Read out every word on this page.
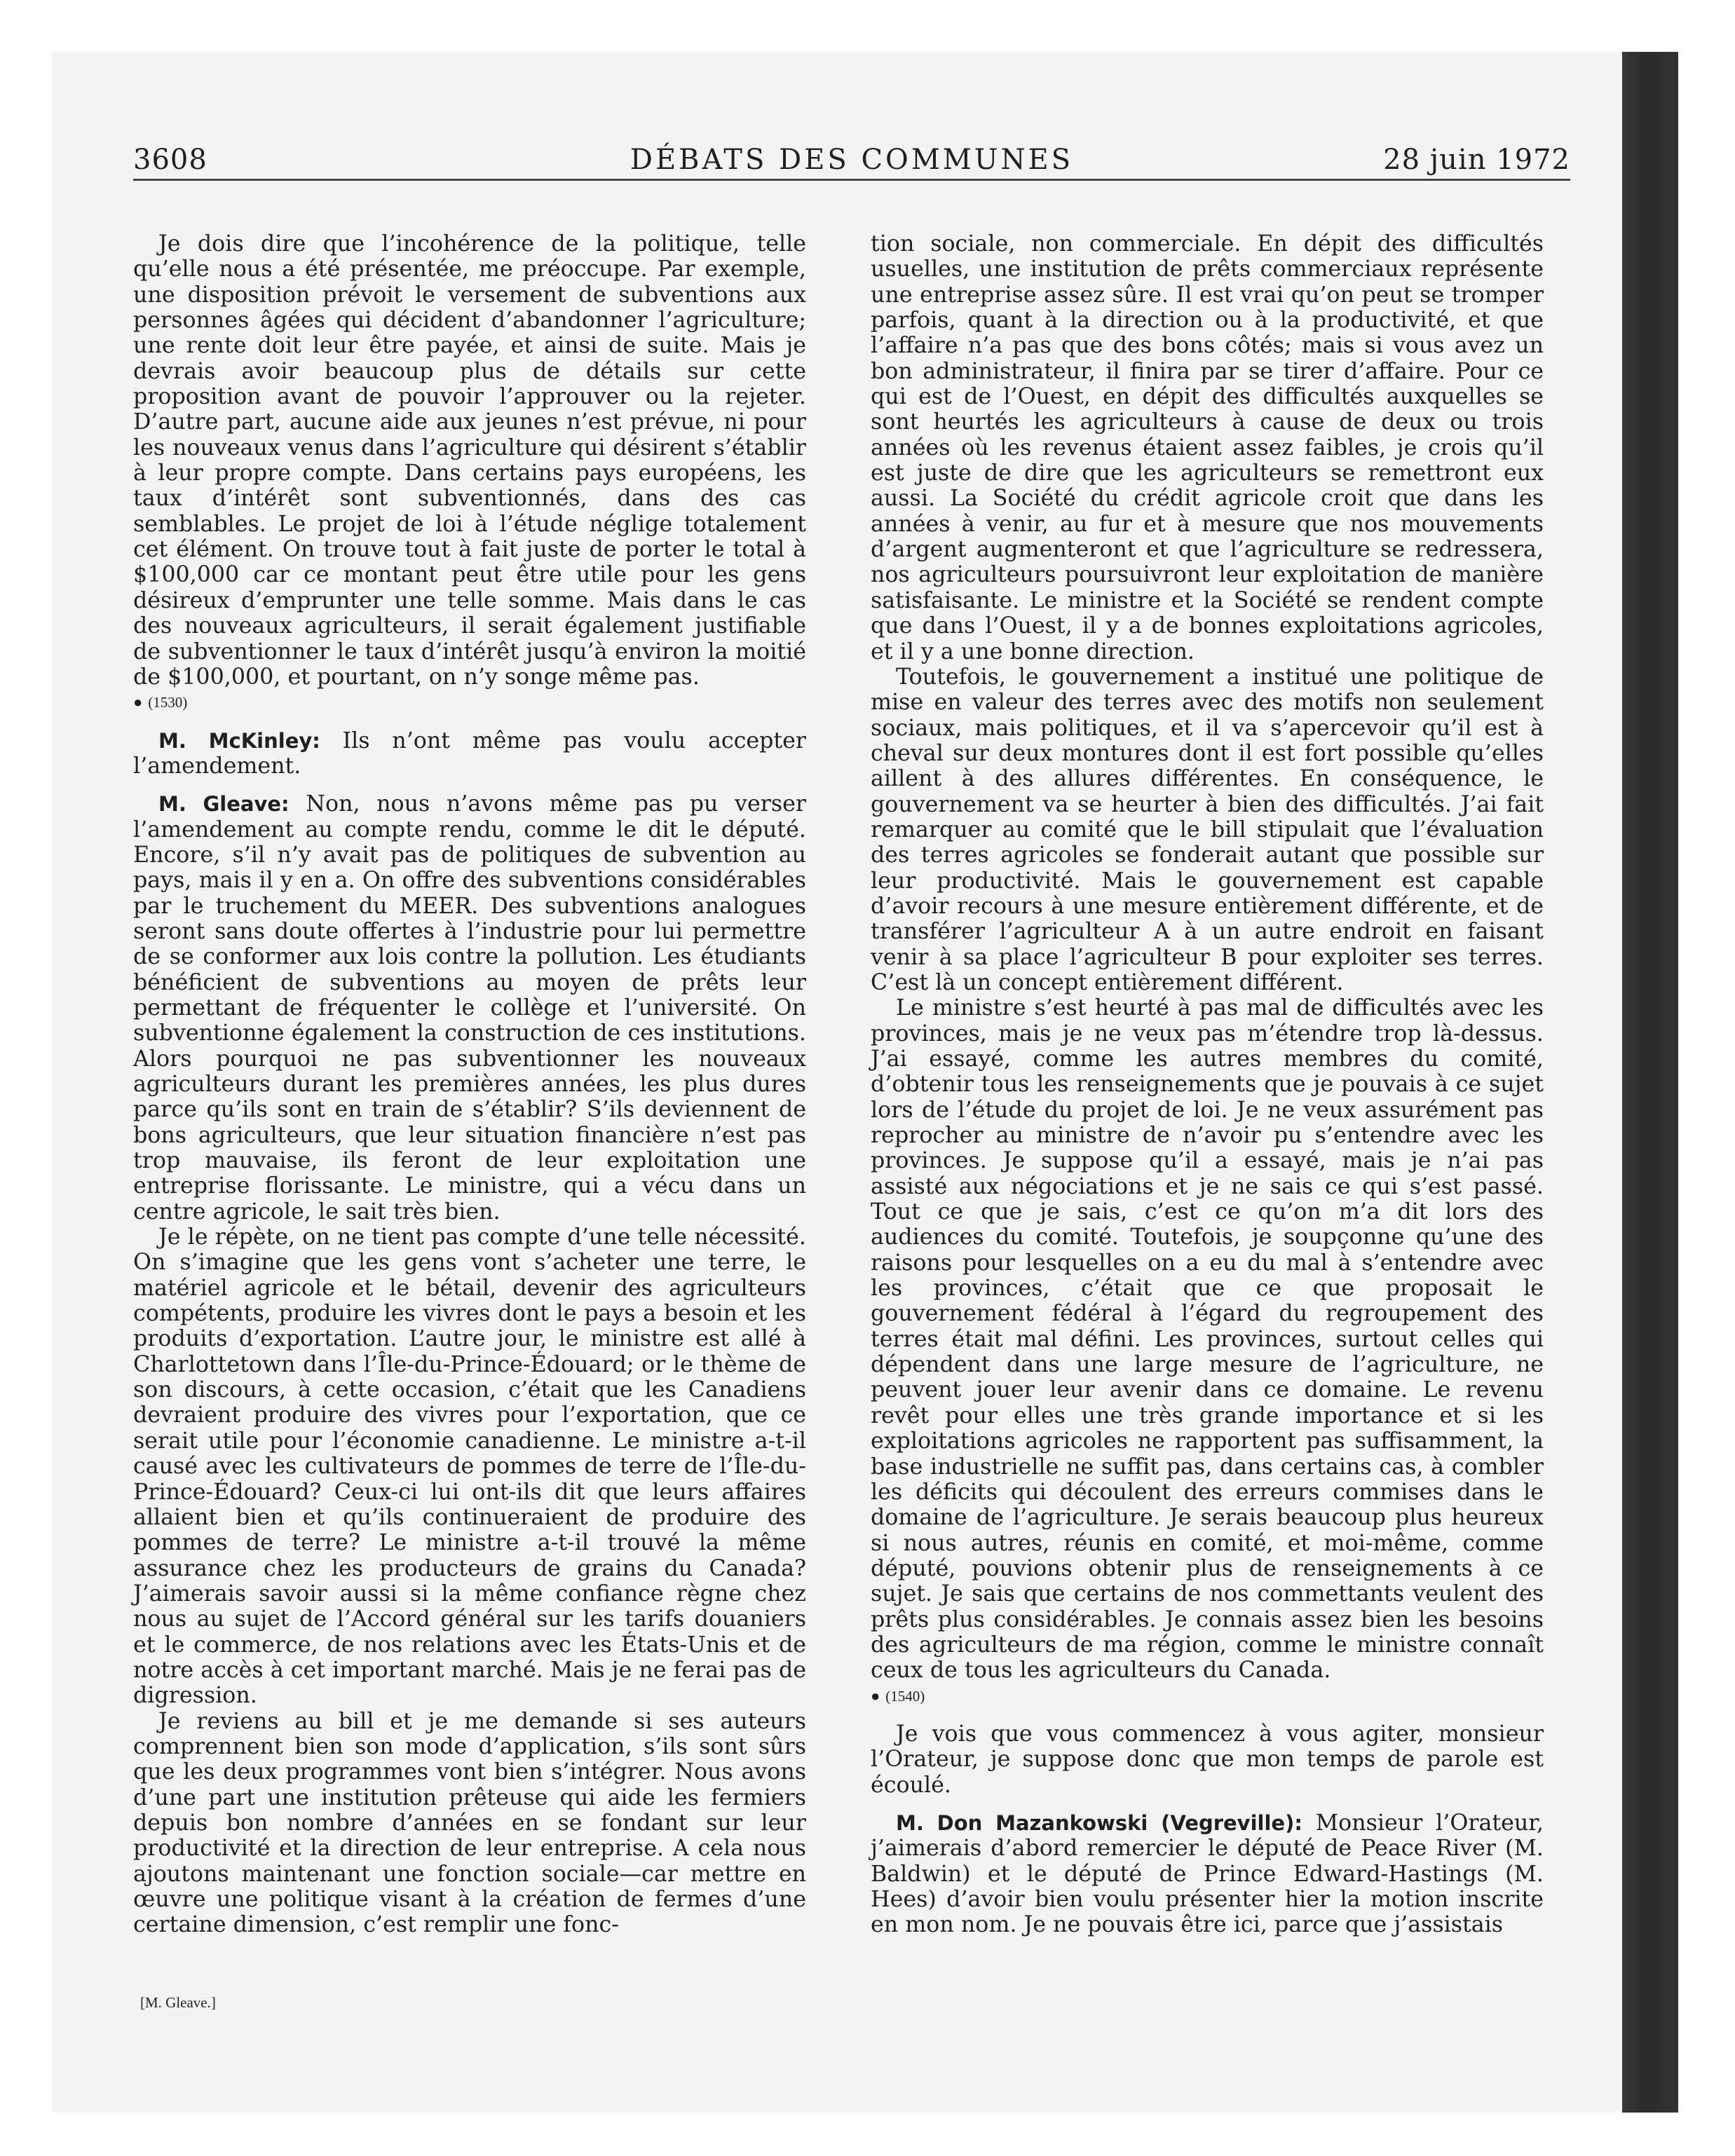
3608	DÉBATS DES COMMUNES	28 juin 1972

Je dois dire que l’incohérence de la politique, telle qu’elle nous a été présentée, me préoccupe. Par exemple, une disposition prévoit le versement de subventions aux personnes âgées qui décident d’abandonner l’agriculture; une rente doit leur être payée, et ainsi de suite. Mais je devrais avoir beaucoup plus de détails sur cette proposition avant de pouvoir l’approuver ou la rejeter. D’autre part, aucune aide aux jeunes n’est prévue, ni pour les nouveaux venus dans l’agriculture qui désirent s’établir à leur propre compte. Dans certains pays européens, les taux d’intérêt sont subventionnés, dans des cas semblables. Le projet de loi à l’étude néglige totalement cet élément. On trouve tout à fait juste de porter le total à $100,000 car ce montant peut être utile pour les gens désireux d’emprunter une telle somme. Mais dans le cas des nouveaux agriculteurs, il serait également justifiable de subventionner le taux d’intérêt jusqu’à environ la moitié de $100,000, et pourtant, on n’y songe même pas.

● (1530)

M. McKinley: Ils n’ont même pas voulu accepter l’amendement.

M. Gleave: Non, nous n’avons même pas pu verser l’amendement au compte rendu, comme le dit le député. Encore, s’il n’y avait pas de politiques de subvention au pays, mais il y en a. On offre des subventions considérables par le truchement du MEER. Des subventions analogues seront sans doute offertes à l’industrie pour lui permettre de se conformer aux lois contre la pollution. Les étudiants bénéficient de subventions au moyen de prêts leur permettant de fréquenter le collège et l’université. On subventionne également la construction de ces institutions. Alors pourquoi ne pas subventionner les nouveaux agriculteurs durant les premières années, les plus dures parce qu’ils sont en train de s’établir? S’ils deviennent de bons agriculteurs, que leur situation financière n’est pas trop mauvaise, ils feront de leur exploitation une entreprise florissante. Le ministre, qui a vécu dans un centre agricole, le sait très bien.

Je le répète, on ne tient pas compte d’une telle nécessité. On s’imagine que les gens vont s’acheter une terre, le matériel agricole et le bétail, devenir des agriculteurs compétents, produire les vivres dont le pays a besoin et les produits d’exportation. L’autre jour, le ministre est allé à Charlottetown dans l’Île-du-Prince-Édouard; or le thème de son discours, à cette occasion, c’était que les Canadiens devraient produire des vivres pour l’exportation, que ce serait utile pour l’économie canadienne. Le ministre a-t-il causé avec les cultivateurs de pommes de terre de l’Île-du-Prince-Édouard? Ceux-ci lui ont-ils dit que leurs affaires allaient bien et qu’ils continueraient de produire des pommes de terre? Le ministre a-t-il trouvé la même assurance chez les producteurs de grains du Canada? J’aimerais savoir aussi si la même confiance règne chez nous au sujet de l’Accord général sur les tarifs douaniers et le commerce, de nos relations avec les États-Unis et de notre accès à cet important marché. Mais je ne ferai pas de digression.

Je reviens au bill et je me demande si ses auteurs comprennent bien son mode d’application, s’ils sont sûrs que les deux programmes vont bien s’intégrer. Nous avons d’une part une institution prêteuse qui aide les fermiers depuis bon nombre d’années en se fondant sur leur productivité et la direction de leur entreprise. A cela nous ajoutons maintenant une fonction sociale—car mettre en œuvre une politique visant à la création de fermes d’une certaine dimension, c’est remplir une fonc-

[M. Gleave.]

tion sociale, non commerciale. En dépit des difficultés usuelles, une institution de prêts commerciaux représente une entreprise assez sûre. Il est vrai qu’on peut se tromper parfois, quant à la direction ou à la productivité, et que l’affaire n’a pas que des bons côtés; mais si vous avez un bon administrateur, il finira par se tirer d’affaire. Pour ce qui est de l’Ouest, en dépit des difficultés auxquelles se sont heurtés les agriculteurs à cause de deux ou trois années où les revenus étaient assez faibles, je crois qu’il est juste de dire que les agriculteurs se remettront eux aussi. La Société du crédit agricole croit que dans les années à venir, au fur et à mesure que nos mouvements d’argent augmenteront et que l’agriculture se redressera, nos agriculteurs poursuivront leur exploitation de manière satisfaisante. Le ministre et la Société se rendent compte que dans l’Ouest, il y a de bonnes exploitations agricoles, et il y a une bonne direction.

Toutefois, le gouvernement a institué une politique de mise en valeur des terres avec des motifs non seulement sociaux, mais politiques, et il va s’apercevoir qu’il est à cheval sur deux montures dont il est fort possible qu’elles aillent à des allures différentes. En conséquence, le gouvernement va se heurter à bien des difficultés. J’ai fait remarquer au comité que le bill stipulait que l’évaluation des terres agricoles se fonderait autant que possible sur leur productivité. Mais le gouvernement est capable d’avoir recours à une mesure entièrement différente, et de transférer l’agriculteur A à un autre endroit en faisant venir à sa place l’agriculteur B pour exploiter ses terres. C’est là un concept entièrement différent.

Le ministre s’est heurté à pas mal de difficultés avec les provinces, mais je ne veux pas m’étendre trop là-dessus. J’ai essayé, comme les autres membres du comité, d’obtenir tous les renseignements que je pouvais à ce sujet lors de l’étude du projet de loi. Je ne veux assurément pas reprocher au ministre de n’avoir pu s’entendre avec les provinces. Je suppose qu’il a essayé, mais je n’ai pas assisté aux négociations et je ne sais ce qui s’est passé. Tout ce que je sais, c’est ce qu’on m’a dit lors des audiences du comité. Toutefois, je soupçonne qu’une des raisons pour lesquelles on a eu du mal à s’entendre avec les provinces, c’était que ce que proposait le gouvernement fédéral à l’égard du regroupement des terres était mal défini. Les provinces, surtout celles qui dépendent dans une large mesure de l’agriculture, ne peuvent jouer leur avenir dans ce domaine. Le revenu revêt pour elles une très grande importance et si les exploitations agricoles ne rapportent pas suffisamment, la base industrielle ne suffit pas, dans certains cas, à combler les déficits qui découlent des erreurs commises dans le domaine de l’agriculture. Je serais beaucoup plus heureux si nous autres, réunis en comité, et moi-même, comme député, pouvions obtenir plus de renseignements à ce sujet. Je sais que certains de nos commettants veulent des prêts plus considérables. Je connais assez bien les besoins des agriculteurs de ma région, comme le ministre connaît ceux de tous les agriculteurs du Canada.

● (1540)

Je vois que vous commencez à vous agiter, monsieur l’Orateur, je suppose donc que mon temps de parole est écoulé.

M. Don Mazankowski (Vegreville): Monsieur l’Orateur, j’aimerais d’abord remercier le député de Peace River (M. Baldwin) et le député de Prince Edward-Hastings (M. Hees) d’avoir bien voulu présenter hier la motion inscrite en mon nom. Je ne pouvais être ici, parce que j’assistais
